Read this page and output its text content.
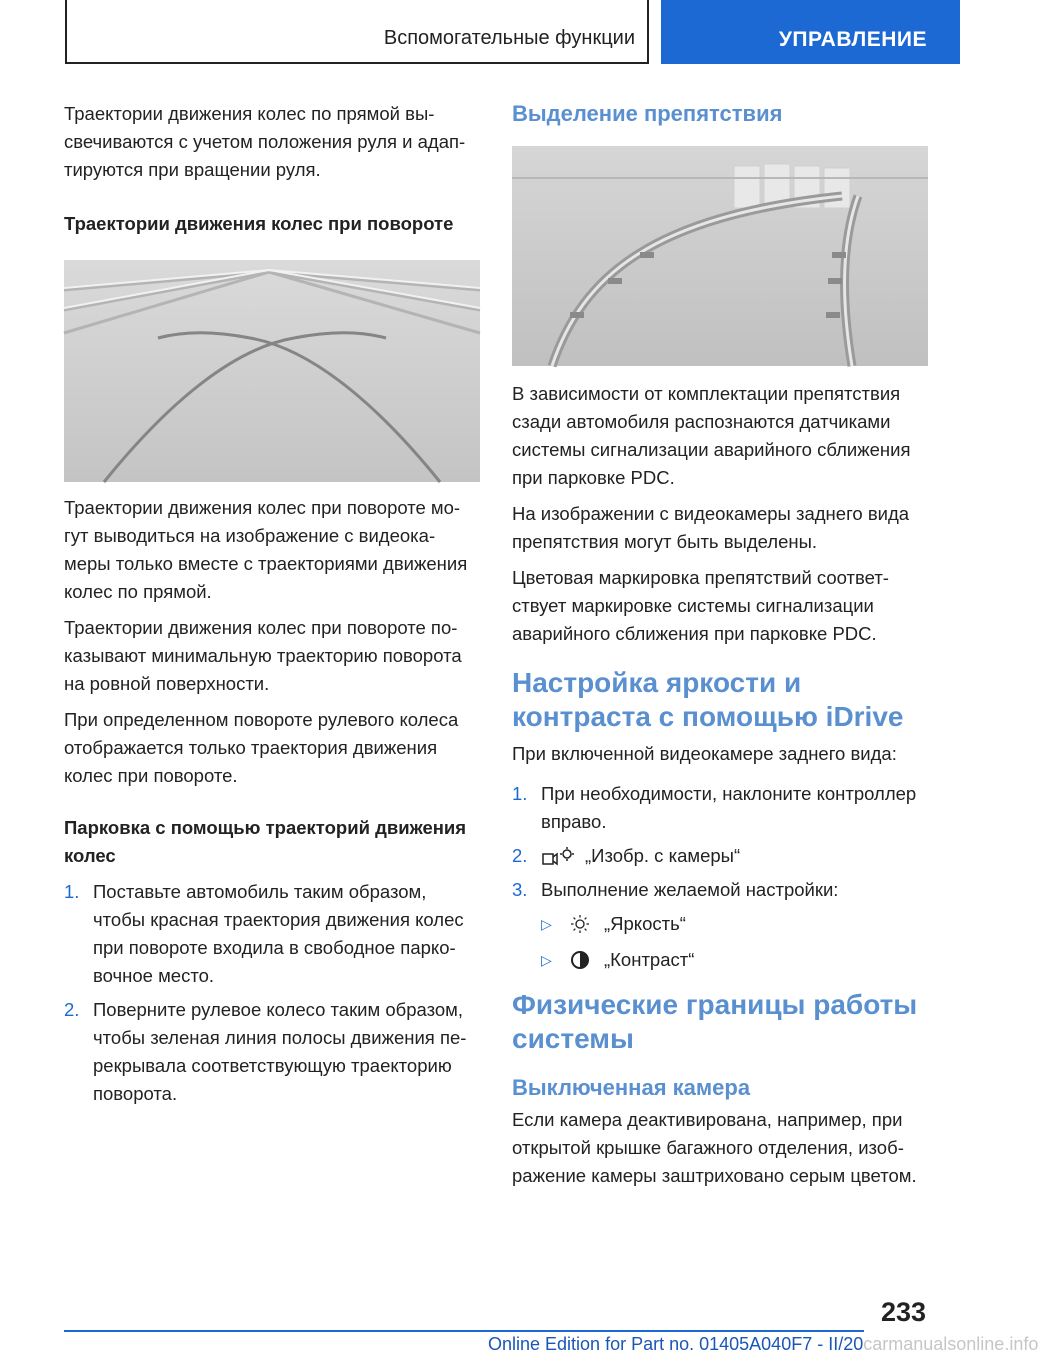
Вспомогательные функции	УПРАВЛЕНИЕ

Траектории движения колес по прямой вы-свечиваются с учетом положения руля и адап-тируются при вращении руля.

Траектории движения колес при повороте

Траектории движения колес при повороте мо-гут выводиться на изображение с видеока-меры только вместе с траекториями движения колес по прямой.

Траектории движения колес при повороте по-казывают минимальную траекторию поворота на ровной поверхности.

При определенном повороте рулевого колеса отображается только траектория движения колес при повороте.

Парковка с помощью траекторий движения колес
1. Поставьте автомобиль таким образом, чтобы красная траектория движения колес при повороте входила в свободное парко-вочное место.
2. Поверните рулевое колесо таким образом, чтобы зеленая линия полосы движения пе-рекрывала соответствующую траекторию поворота.
Выделение препятствия

В зависимости от комплектации препятствия сзади автомобиля распознаются датчиками системы сигнализации аварийного сближения при парковке PDC.

На изображении с видеокамеры заднего вида препятствия могут быть выделены.

Цветовая маркировка препятствий соответ-ствует маркировке системы сигнализации аварийного сближения при парковке PDC.

Настройка яркости и контраста с помощью iDrive

При включенной видеокамере заднего вида:

1. При необходимости, наклоните контроллер вправо.
2.	„Изобр. с камеры“
3. Выполнение желаемой настройки:
▷	„Яркость“
▷	„Контраст“
Физические границы работы системы
Выключенная камера

Если камера деактивирована, например, при открытой крышке багажного отделения, изоб-ражение камеры заштриховано серым цветом.

233
Online Edition for Part no. 01405A040F7 - II/20carmanualsonline.info
